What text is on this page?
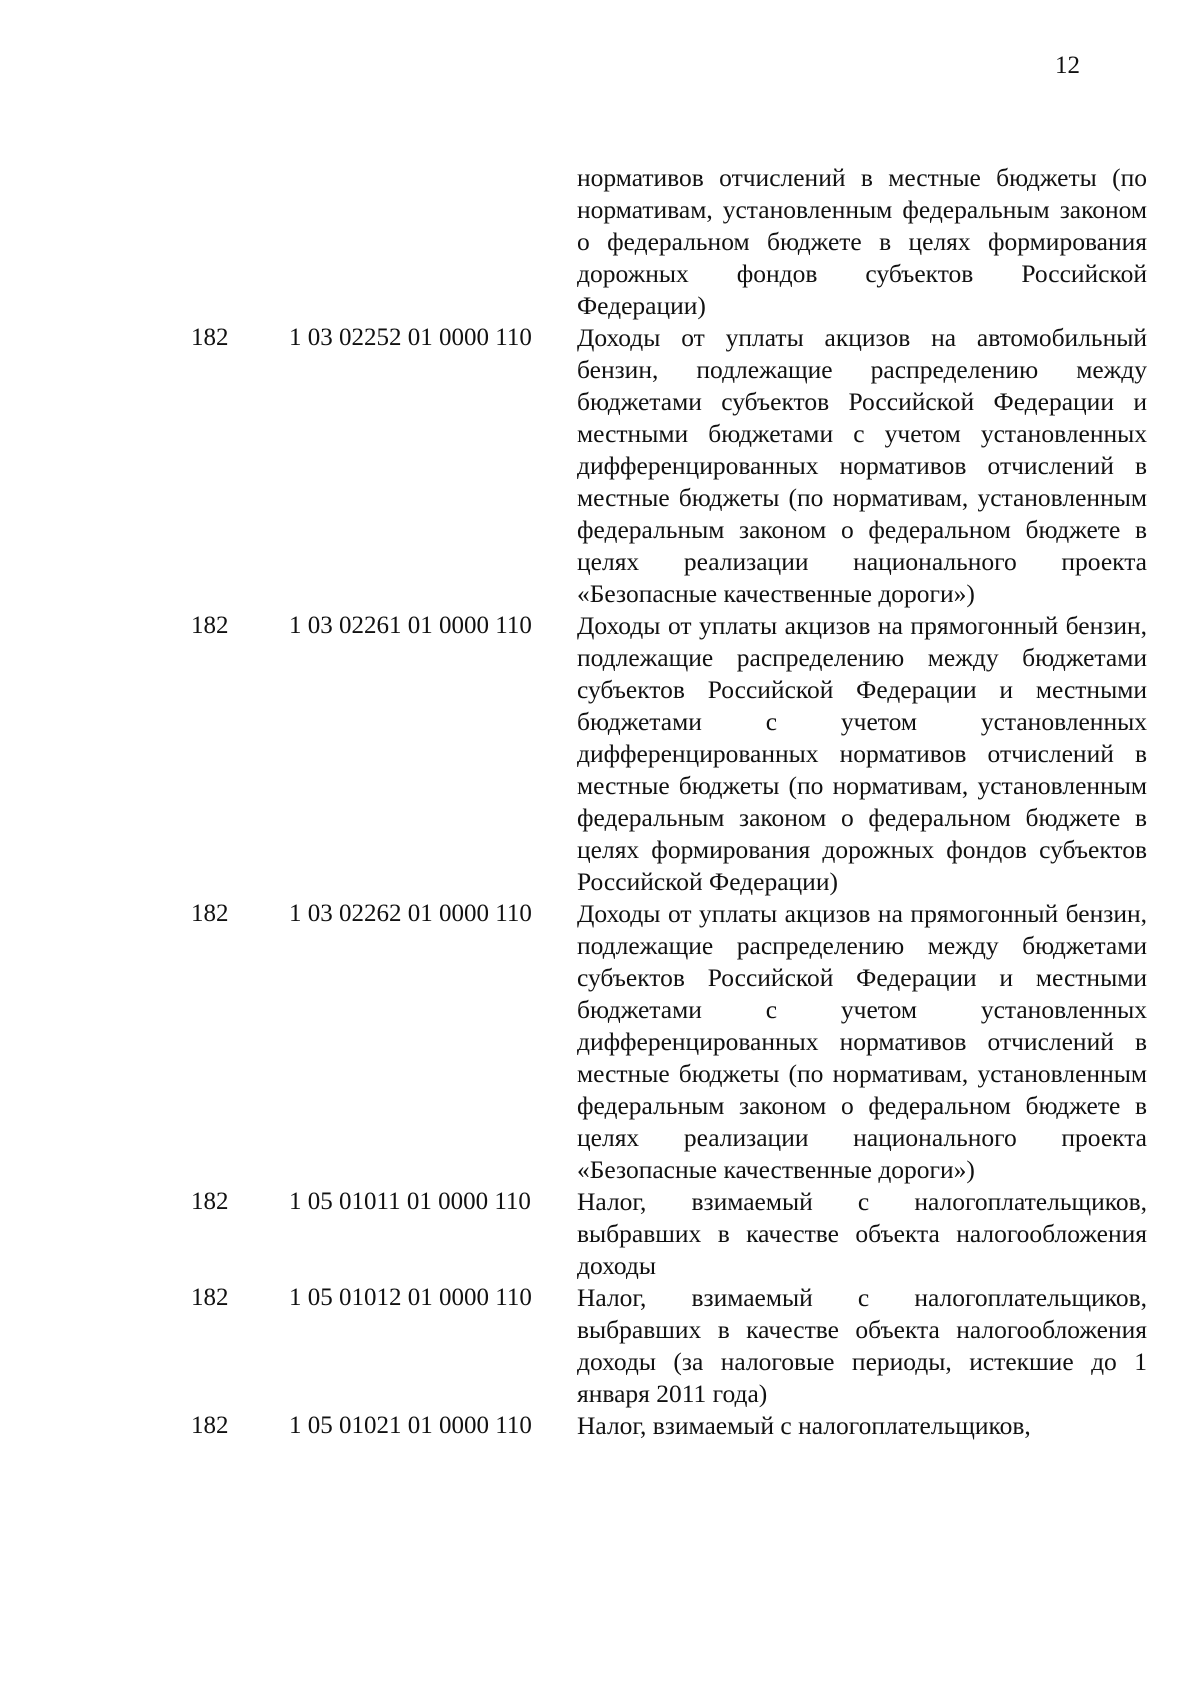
12
нормативов отчислений в местные бюджеты (по нормативам, установленным федеральным законом о федеральном бюджете в целях формирования дорожных фондов субъектов Российской Федерации)
182	1 03 02252 01 0000 110	Доходы от уплаты акцизов на автомобильный бензин, подлежащие распределению между бюджетами субъектов Российской Федерации и местными бюджетами с учетом установленных дифференцированных нормативов отчислений в местные бюджеты (по нормативам, установленным федеральным законом о федеральном бюджете в целях реализации национального проекта «Безопасные качественные дороги»)
182	1 03 02261 01 0000 110	Доходы от уплаты акцизов на прямогонный бензин, подлежащие распределению между бюджетами субъектов Российской Федерации и местными бюджетами с учетом установленных дифференцированных нормативов отчислений в местные бюджеты (по нормативам, установленным федеральным законом о федеральном бюджете в целях формирования дорожных фондов субъектов Российской Федерации)
182	1 03 02262 01 0000 110	Доходы от уплаты акцизов на прямогонный бензин, подлежащие распределению между бюджетами субъектов Российской Федерации и местными бюджетами с учетом установленных дифференцированных нормативов отчислений в местные бюджеты (по нормативам, установленным федеральным законом о федеральном бюджете в целях реализации национального проекта «Безопасные качественные дороги»)
182	1 05 01011 01 0000 110	Налог, взимаемый с налогоплательщиков, выбравших в качестве объекта налогообложения доходы
182	1 05 01012 01 0000 110	Налог, взимаемый с налогоплательщиков, выбравших в качестве объекта налогообложения доходы (за налоговые периоды, истекшие до 1 января 2011 года)
182	1 05 01021 01 0000 110	Налог, взимаемый с налогоплательщиков,
